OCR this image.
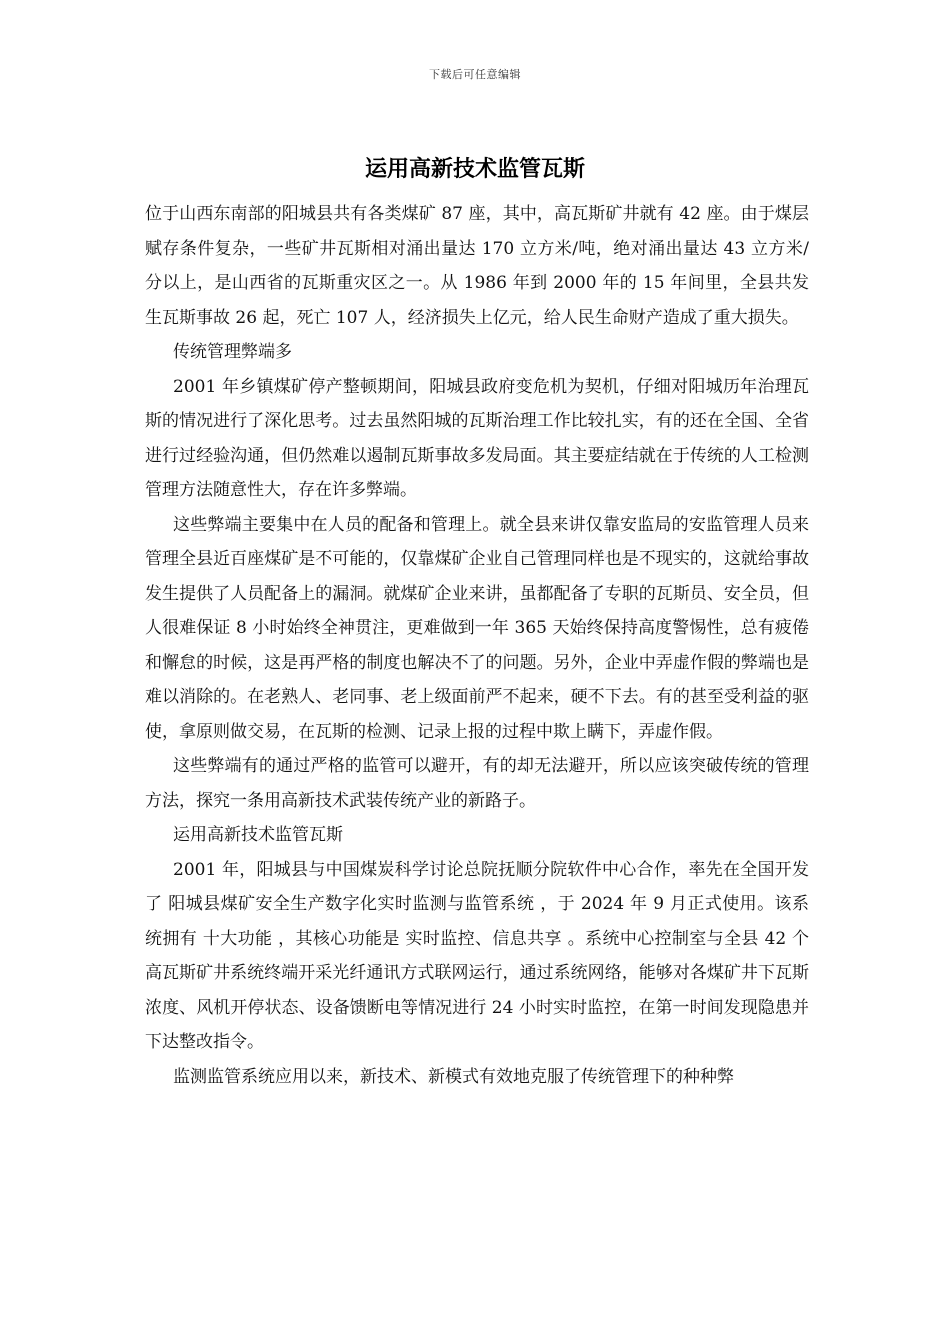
下载后可任意编辑
运用高新技术监管瓦斯

位于山西东南部的阳城县共有各类煤矿 87 座，其中，高瓦斯矿井就有 42 座。由于煤层赋存条件复杂，一些矿井瓦斯相对涌出量达 170 立方米/吨，绝对涌出量达 43 立方米/分以上，是山西省的瓦斯重灾区之一。从 1986 年到 2000 年的 15 年间里，全县共发生瓦斯事故 26 起，死亡 107 人，经济损失上亿元，给人民生命财产造成了重大损失。

传统管理弊端多

2001 年乡镇煤矿停产整顿期间，阳城县政府变危机为契机，仔细对阳城历年治理瓦斯的情况进行了深化思考。过去虽然阳城的瓦斯治理工作比较扎实，有的还在全国、全省进行过经验沟通，但仍然难以遏制瓦斯事故多发局面。其主要症结就在于传统的人工检测管理方法随意性大，存在许多弊端。

这些弊端主要集中在人员的配备和管理上。就全县来讲仅靠安监局的安监管理人员来管理全县近百座煤矿是不可能的，仅靠煤矿企业自己管理同样也是不现实的，这就给事故发生提供了人员配备上的漏洞。就煤矿企业来讲，虽都配备了专职的瓦斯员、安全员，但人很难保证 8 小时始终全神贯注，更难做到一年 365 天始终保持高度警惕性，总有疲倦和懈怠的时候，这是再严格的制度也解决不了的问题。另外，企业中弄虚作假的弊端也是难以消除的。在老熟人、老同事、老上级面前严不起来，硬不下去。有的甚至受利益的驱使，拿原则做交易，在瓦斯的检测、记录上报的过程中欺上瞒下，弄虚作假。

这些弊端有的通过严格的监管可以避开，有的却无法避开，所以应该突破传统的管理方法，探究一条用高新技术武装传统产业的新路子。

运用高新技术监管瓦斯

2001 年，阳城县与中国煤炭科学讨论总院抚顺分院软件中心合作，率先在全国开发了 阳城县煤矿安全生产数字化实时监测与监管系统 ，于 2024 年 9 月正式使用。该系统拥有 十大功能 ，其核心功能是 实时监控、信息共享 。系统中心控制室与全县 42 个高瓦斯矿井系统终端开采光纤通讯方式联网运行，通过系统网络，能够对各煤矿井下瓦斯浓度、风机开停状态、设备馈断电等情况进行 24 小时实时监控，在第一时间发现隐患并下达整改指令。

监测监管系统应用以来，新技术、新模式有效地克服了传统管理下的种种弊
